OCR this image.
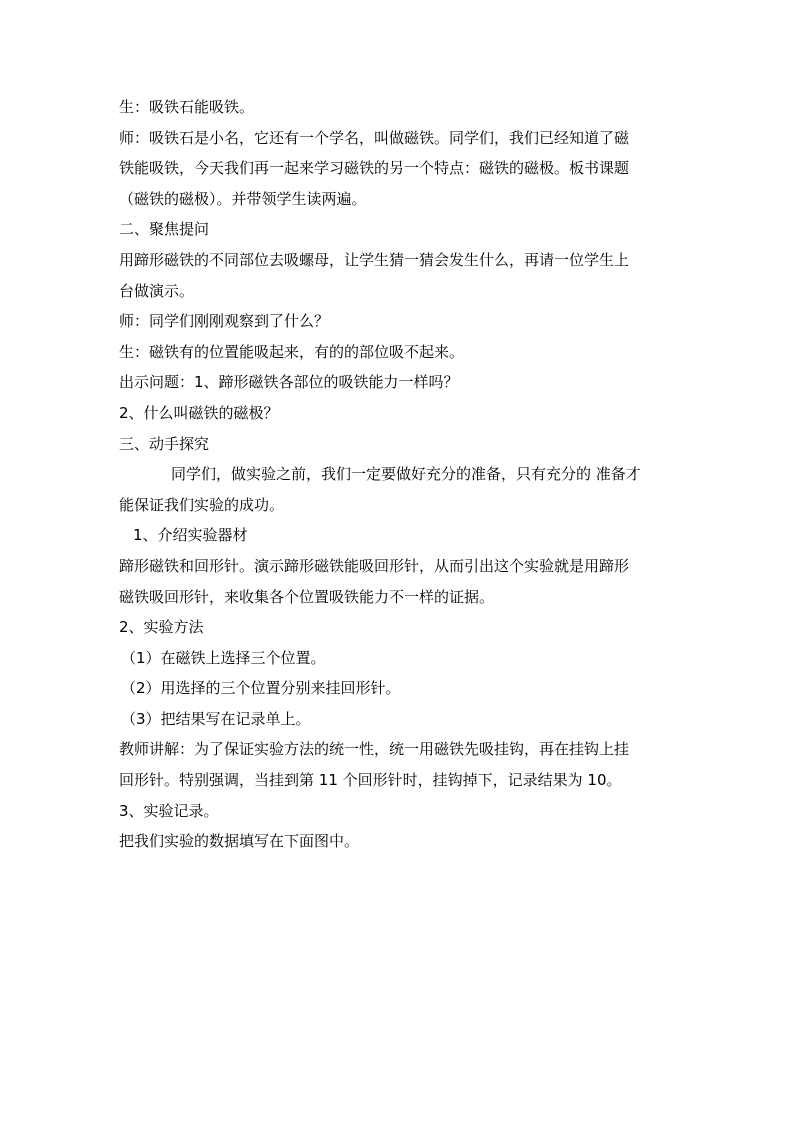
生：吸铁石能吸铁。
师：吸铁石是小名，它还有一个学名，叫做磁铁。同学们，我们已经知道了磁
铁能吸铁，今天我们再一起来学习磁铁的另一个特点：磁铁的磁极。板书课题
（磁铁的磁极）。并带领学生读两遍。
二、聚焦提问
用蹄形磁铁的不同部位去吸螺母，让学生猜一猜会发生什么，再请一位学生上
台做演示。
师：同学们刚刚观察到了什么？
生：磁铁有的位置能吸起来，有的的部位吸不起来。
出示问题：1、蹄形磁铁各部位的吸铁能力一样吗？
2、什么叫磁铁的磁极？
三、动手探究
同学们，做实验之前，我们一定要做好充分的准备，只有充分的 准备才
能保证我们实验的成功。
1、介绍实验器材
蹄形磁铁和回形针。演示蹄形磁铁能吸回形针，从而引出这个实验就是用蹄形
磁铁吸回形针，来收集各个位置吸铁能力不一样的证据。
2、实验方法
（1）在磁铁上选择三个位置。
（2）用选择的三个位置分别来挂回形针。
（3）把结果写在记录单上。
教师讲解：为了保证实验方法的统一性，统一用磁铁先吸挂钩，再在挂钩上挂
回形针。特别强调，当挂到第 11 个回形针时，挂钩掉下，记录结果为 10。
3、实验记录。
把我们实验的数据填写在下面图中。
